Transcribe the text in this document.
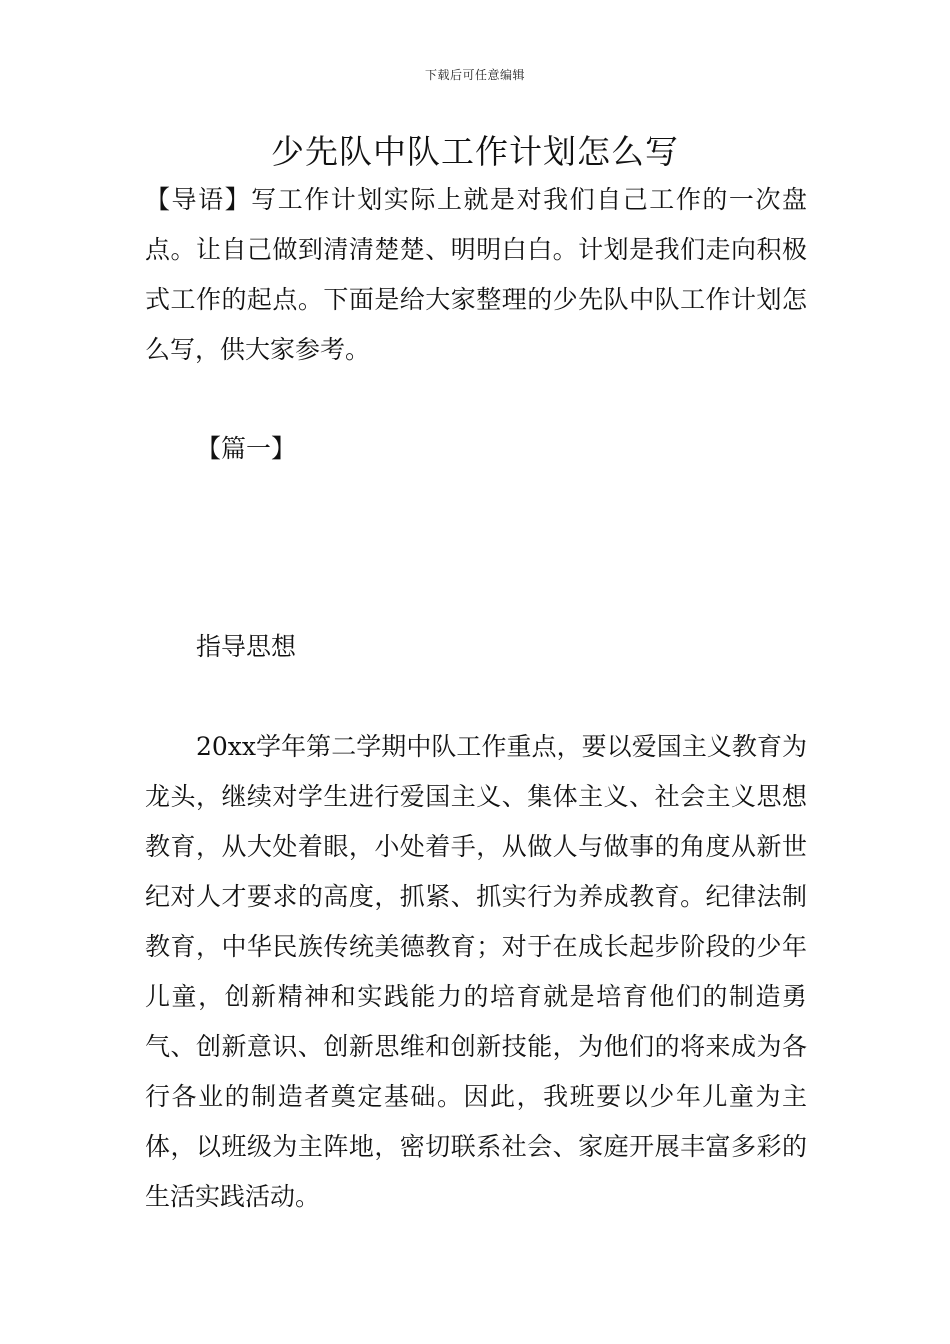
下载后可任意编辑
少先队中队工作计划怎么写

【导语】写工作计划实际上就是对我们自己工作的一次盘点。让自己做到清清楚楚、明明白白。计划是我们走向积极式工作的起点。下面是给大家整理的少先队中队工作计划怎么写，供大家参考。

【篇一】

指导思想

20xx学年第二学期中队工作重点，要以爱国主义教育为龙头，继续对学生进行爱国主义、集体主义、社会主义思想教育，从大处着眼，小处着手，从做人与做事的角度从新世纪对人才要求的高度，抓紧、抓实行为养成教育。纪律法制教育，中华民族传统美德教育；对于在成长起步阶段的少年儿童，创新精神和实践能力的培育就是培育他们的制造勇气、创新意识、创新思维和创新技能，为他们的将来成为各行各业的制造者奠定基础。因此，我班要以少年儿童为主体，以班级为主阵地，密切联系社会、家庭开展丰富多彩的生活实践活动。
